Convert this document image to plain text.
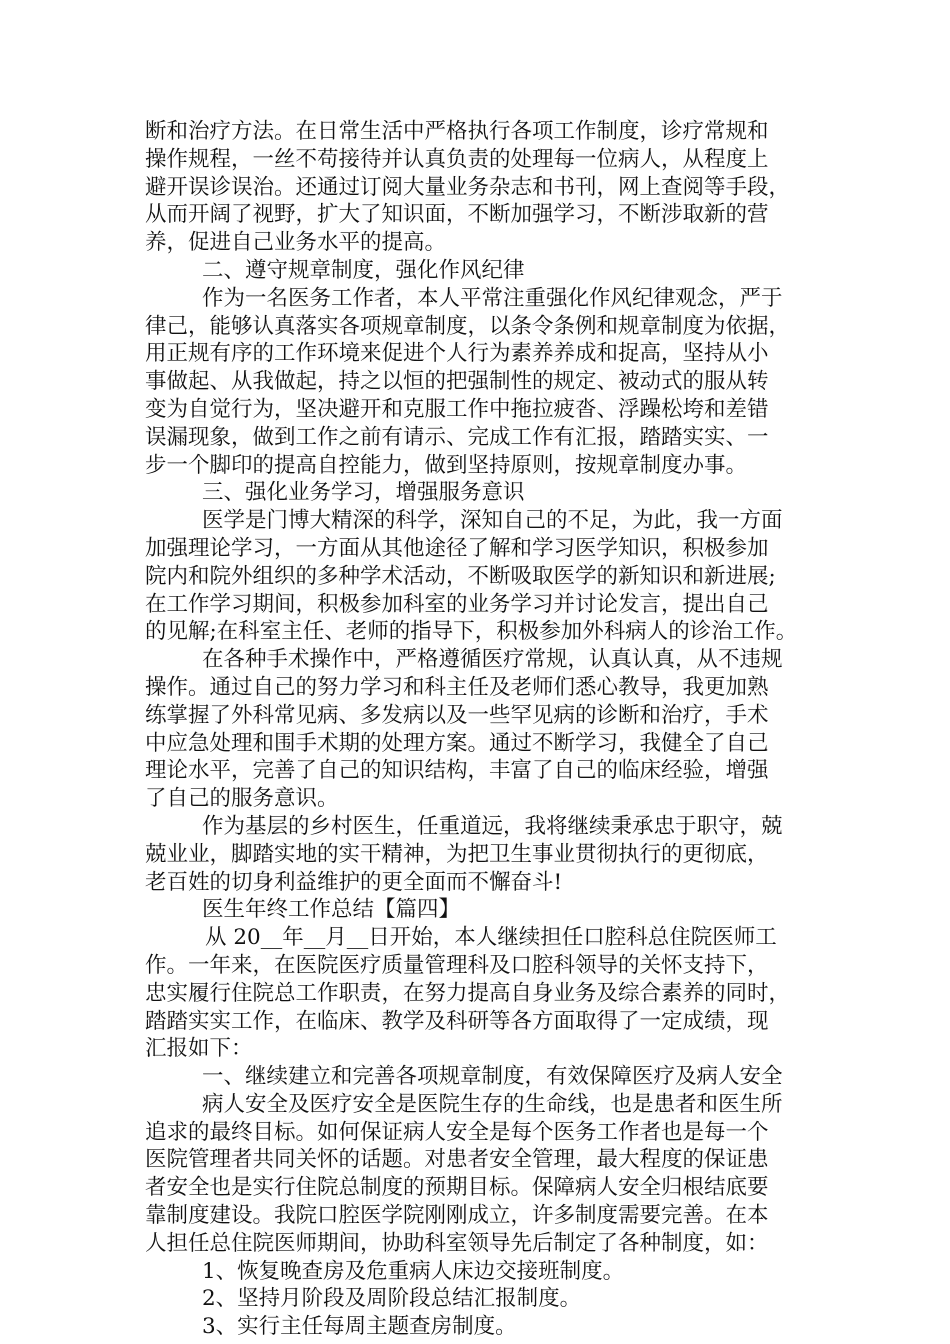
断和治疗方法。在日常生活中严格执行各项工作制度，诊疗常规和
操作规程，一丝不苟接待并认真负责的处理每一位病人，从程度上
避开误诊误治。还通过订阅大量业务杂志和书刊，网上查阅等手段，
从而开阔了视野，扩大了知识面，不断加强学习，不断涉取新的营
养，促进自己业务水平的提高。
二、遵守规章制度，强化作风纪律
作为一名医务工作者，本人平常注重强化作风纪律观念，严于
律己，能够认真落实各项规章制度，以条令条例和规章制度为依据，
用正规有序的工作环境来促进个人行为素养养成和捉高，坚持从小
事做起、从我做起，持之以恒的把强制性的规定、被动式的服从转
变为自觉行为，坚决避开和克服工作中拖拉疲沓、浮躁松垮和差错
误漏现象，做到工作之前有请示、完成工作有汇报，踏踏实实、一
步一个脚印的提高自控能力，做到坚持原则，按规章制度办事。
三、强化业务学习，增强服务意识
医学是门博大精深的科学，深知自己的不足，为此，我一方面
加强理论学习，一方面从其他途径了解和学习医学知识，积极参加
院内和院外组织的多种学术活动，不断吸取医学的新知识和新进展;
在工作学习期间，积极参加科室的业务学习并讨论发言，提出自己
的见解;在科室主任、老师的指导下，积极参加外科病人的诊治工作。
在各种手术操作中，严格遵循医疗常规，认真认真，从不违规
操作。通过自己的努力学习和科主任及老师们悉心教导，我更加熟
练掌握了外科常见病、多发病以及一些罕见病的诊断和治疗，手术
中应急处理和围手术期的处理方案。通过不断学习，我健全了自己
理论水平，完善了自己的知识结构，丰富了自己的临床经验，增强
了自己的服务意识。
作为基层的乡村医生，任重道远，我将继续秉承忠于职守，兢
兢业业，脚踏实地的实干精神，为把卫生事业贯彻执行的更彻底，
老百姓的切身利益维护的更全面而不懈奋斗!
医生年终工作总结【篇四】
从 20__年__月__日开始，本人继续担任口腔科总住院医师工
作。一年来，在医院医疗质量管理科及口腔科领导的关怀支持下，
忠实履行住院总工作职责，在努力提高自身业务及综合素养的同时，
踏踏实实工作，在临床、教学及科研等各方面取得了一定成绩，现
汇报如下：
一、继续建立和完善各项规章制度，有效保障医疗及病人安全
病人安全及医疗安全是医院生存的生命线，也是患者和医生所
追求的最终目标。如何保证病人安全是每个医务工作者也是每一个
医院管理者共同关怀的话题。对患者安全管理，最大程度的保证患
者安全也是实行住院总制度的预期目标。保障病人安全归根结底要
靠制度建设。我院口腔医学院刚刚成立，许多制度需要完善。在本
人担任总住院医师期间，协助科室领导先后制定了各种制度，如：
1、恢复晚查房及危重病人床边交接班制度。
2、坚持月阶段及周阶段总结汇报制度。
3、实行主任每周主题查房制度。
